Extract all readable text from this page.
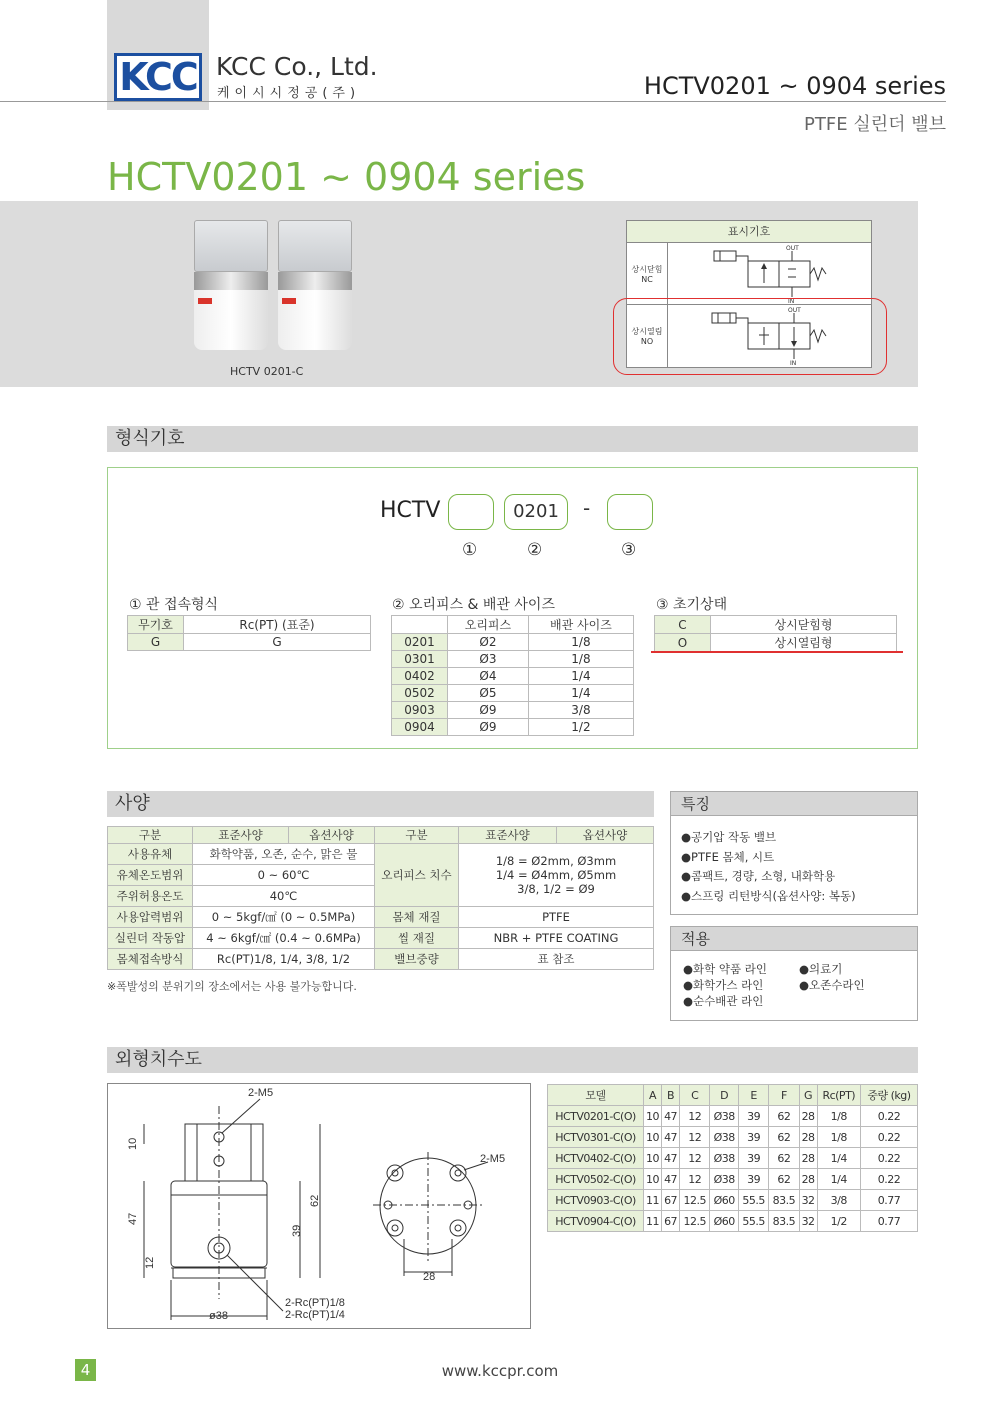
KCC KCC Co., Ltd.
케이시시정공(주)	HCTV0201 ~ 0904 series
PTFE 실린더 밸브
HCTV0201 ~ 0904 series
HCTV 0201-C
표시기호
상시닫힘
NC
OUT
IN
상시열림
NO
OUT
IN
형식기호
HCTV	0201	-
①	②	③
① 관 접속형식
무기호	Rc(PT) (표준)
G	G
② 오리피스 & 배관 사이즈
	오리피스	배관 사이즈
0201	Ø2	1/8
0301	Ø3	1/8
0402	Ø4	1/4
0502	Ø5	1/4
0903	Ø9	3/8
0904	Ø9	1/2
③ 초기상태
C	상시닫힘형
O	상시열림형
사양
구분	표준사양	옵션사양	구분	표준사양	옵션사양
사용유체	화학약품, 오존, 순수, 맑은 물		오리피스 치수	1/8 = Ø2mm, Ø3mm
1/4 = Ø4mm, Ø5mm
3/8, 1/2 = Ø9	

유체온도범위	0 ~ 60℃				
주위허용온도	40℃				
사용압력범위	0 ~ 5kgf/㎠ (0 ~ 0.5MPa)		몸체 재질	PTFE	
실린더 작동압	4 ~ 6kgf/㎠ (0.4 ~ 0.6MPa)		씰 재질	NBR + PTFE COATING	
몸체접속방식	Rc(PT)1/8, 1/4, 3/8, 1/2		밸브중량	표 참조	
※폭발성의 분위기의 장소에서는 사용 불가능합니다.
특징
●공기압 작동 밸브
●PTFE 몸체, 시트
●콤팩트, 경량, 소형, 내화학용
●스프링 리턴방식(옵션사양: 복동)
적용
●화학 약품 라인	●의료기
●화학가스 라인	●오존수라인
●순수배관 라인
외형치수도
2-M5
2-M5
10
47
12
39
62
ø38
28
2-Rc(PT)1/8
2-Rc(PT)1/4
모델	A	B	C	D	E	F	G	Rc(PT)	중량 (kg)
HCTV0201-C(O)	10	47	12	Ø38	39	62	28	1/8	0.22
HCTV0301-C(O)	10	47	12	Ø38	39	62	28	1/8	0.22
HCTV0402-C(O)	10	47	12	Ø38	39	62	28	1/4	0.22
HCTV0502-C(O)	10	47	12	Ø38	39	62	28	1/4	0.22
HCTV0903-C(O)	11	67	12.5	Ø60	55.5	83.5	32	3/8	0.77
HCTV0904-C(O)	11	67	12.5	Ø60	55.5	83.5	32	1/2	0.77
4	www.kccpr.com
